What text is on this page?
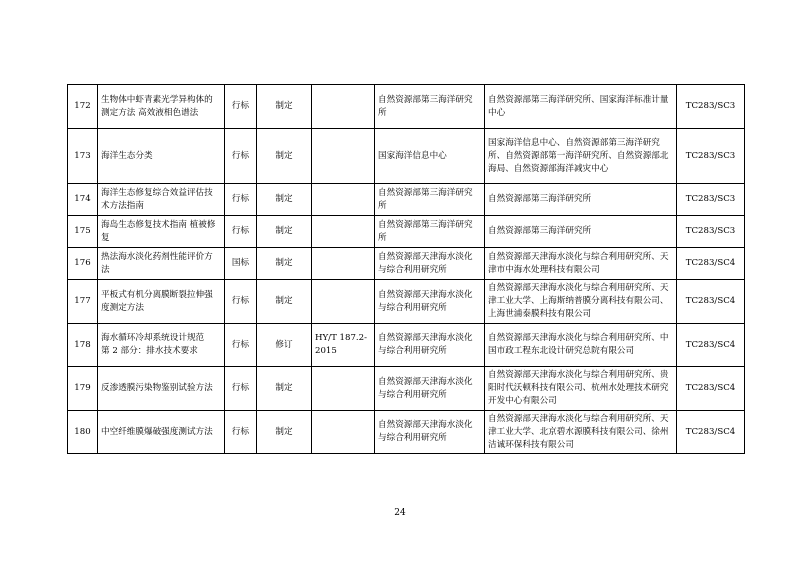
172	生物体中虾青素光学异构体的测定方法 高效液相色谱法	行标	制定		自然资源部第三海洋研究所	自然资源部第三海洋研究所、国家海洋标准计量中心	TC283/SC3
173	海洋生态分类	行标	制定		国家海洋信息中心	国家海洋信息中心、自然资源部第三海洋研究所、自然资源部第一海洋研究所、自然资源部北海局、自然资源部海洋减灾中心	TC283/SC3
174	海洋生态修复综合效益评估技术方法指南	行标	制定		自然资源部第三海洋研究所	自然资源部第三海洋研究所	TC283/SC3
175	海岛生态修复技术指南 植被修复	行标	制定		自然资源部第三海洋研究所	自然资源部第三海洋研究所	TC283/SC3
176	热法海水淡化药剂性能评价方法	国标	制定		自然资源部天津海水淡化与综合利用研究所	自然资源部天津海水淡化与综合利用研究所、天津市中海水处理科技有限公司	TC283/SC4
177	平板式有机分离膜断裂拉伸强度测定方法	行标	制定		自然资源部天津海水淡化与综合利用研究所	自然资源部天津海水淡化与综合利用研究所、天津工业大学、上海斯纳普膜分离科技有限公司、上海世浦泰膜科技有限公司	TC283/SC4
178	海水循环冷却系统设计规范　第 2 部分：排水技术要求	行标	修订	HY/T 187.2-2015	自然资源部天津海水淡化与综合利用研究所	自然资源部天津海水淡化与综合利用研究所、中国市政工程东北设计研究总院有限公司	TC283/SC4
179	反渗透膜污染物鉴别试验方法	行标	制定		自然资源部天津海水淡化与综合利用研究所	自然资源部天津海水淡化与综合利用研究所、贵阳时代沃顿科技有限公司、杭州水处理技术研究开发中心有限公司	TC283/SC4
180	中空纤维膜爆破强度测试方法	行标	制定		自然资源部天津海水淡化与综合利用研究所	自然资源部天津海水淡化与综合利用研究所、天津工业大学、北京碧水源膜科技有限公司、徐州洁诚环保科技有限公司	TC283/SC4
24
